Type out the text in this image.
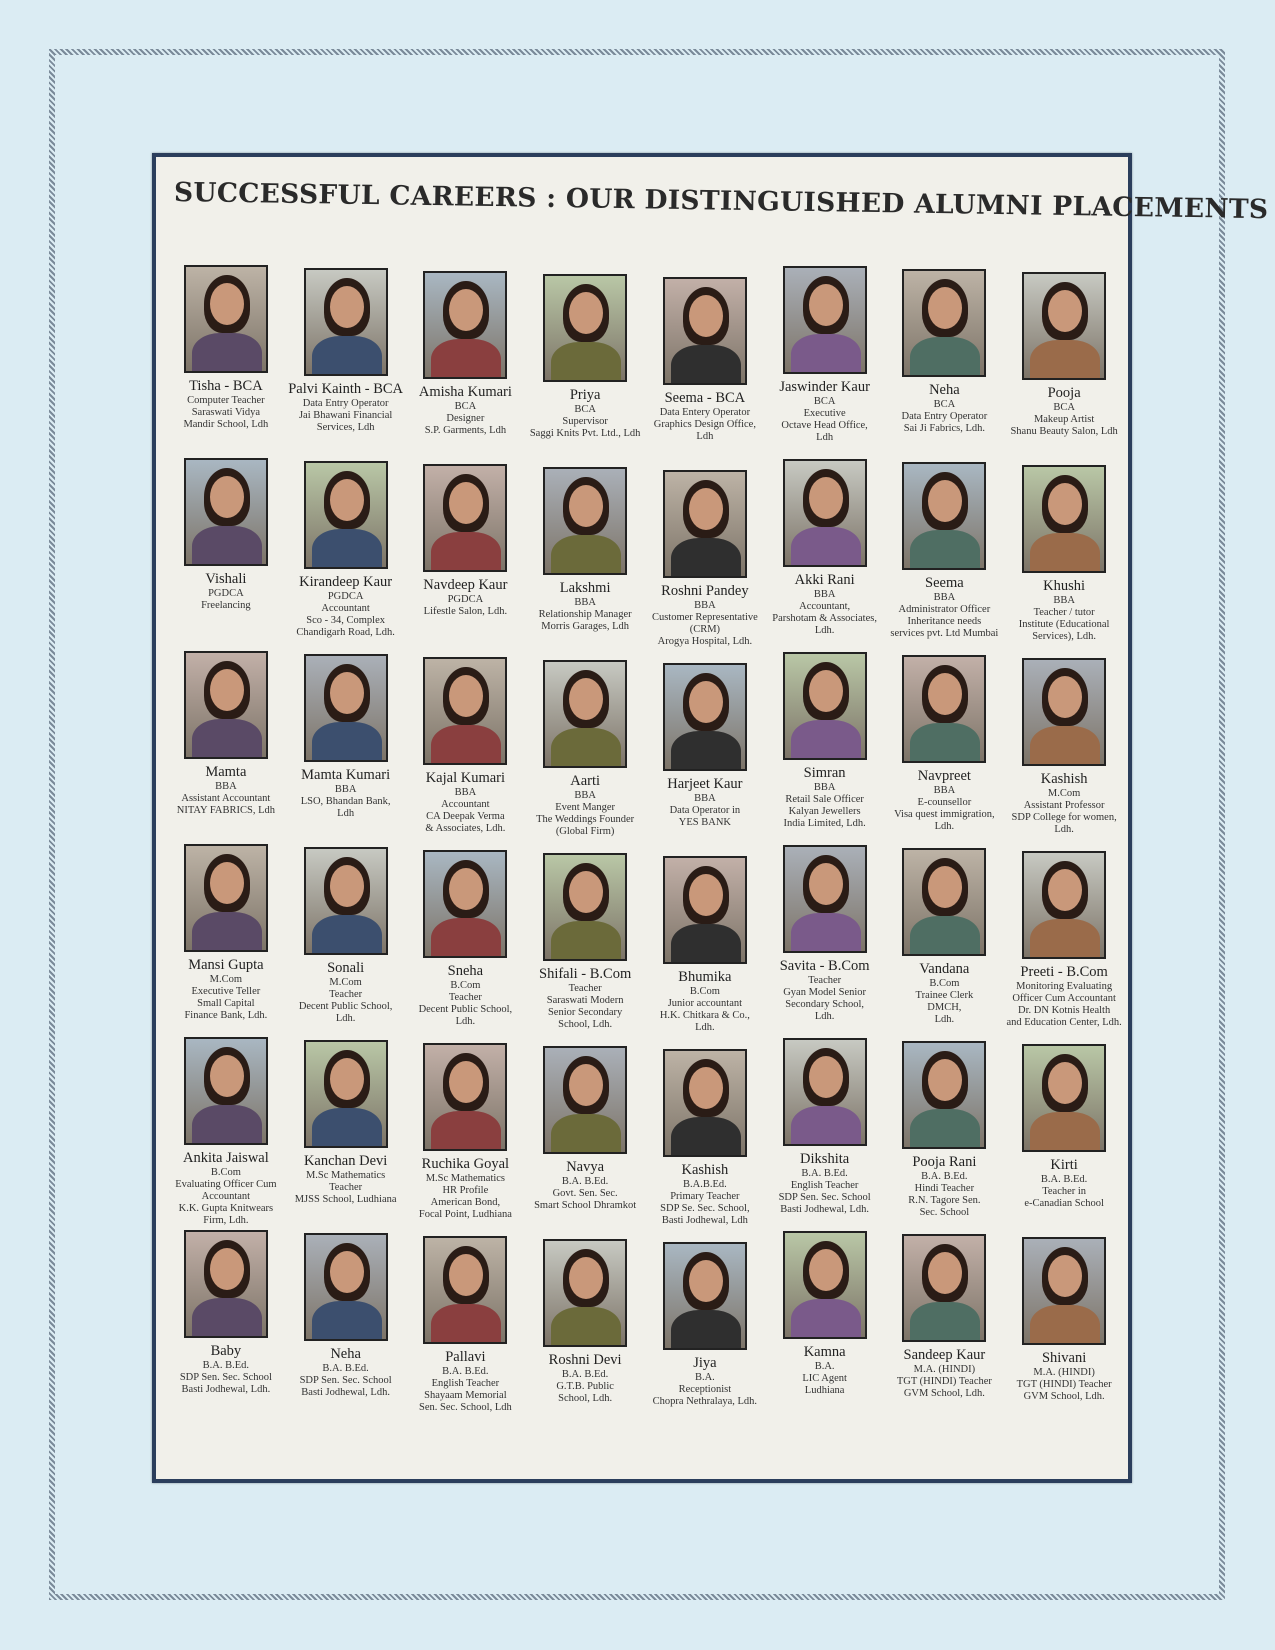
SUCCESSFUL CAREERS : OUR DISTINGUISHED ALUMNI PLACEMENTS
Tisha - BCA
Computer Teacher
Saraswati Vidya
Mandir School, Ldh
Palvi Kainth - BCA
Data Entry Operator
Jai Bhawani Financial
Services, Ldh
Amisha Kumari
BCA
Designer
S.P. Garments, Ldh
Priya
BCA
Supervisor
Saggi Knits Pvt. Ltd., Ldh
Seema - BCA
Data Entery Operator
Graphics Design Office,
Ldh
Jaswinder Kaur
BCA
Executive
Octave Head Office,
Ldh
Neha
BCA
Data Entry Operator
Sai Ji Fabrics, Ldh.
Pooja
BCA
Makeup Artist
Shanu Beauty Salon, Ldh
Vishali
PGDCA
Freelancing
Kirandeep Kaur
PGDCA
Accountant
Sco - 34, Complex
Chandigarh Road, Ldh.
Navdeep Kaur
PGDCA
Lifestle Salon, Ldh.
Lakshmi
BBA
Relationship Manager
Morris Garages, Ldh
Roshni Pandey
BBA
Customer Representative (CRM)
Arogya Hospital, Ldh.
Akki Rani
BBA
Accountant,
Parshotam & Associates,
Ldh.
Seema
BBA
Administrator Officer
Inheritance needs
services pvt. Ltd Mumbai
Khushi
BBA
Teacher / tutor
Institute (Educational
Services), Ldh.
Mamta
BBA
Assistant Accountant
NITAY FABRICS, Ldh
Mamta Kumari
BBA
LSO, Bhandan Bank,
Ldh
Kajal Kumari
BBA
Accountant
CA Deepak Verma
& Associates, Ldh.
Aarti
BBA
Event Manger
The Weddings Founder
(Global Firm)
Harjeet Kaur
BBA
Data Operator in
YES BANK
Simran
BBA
Retail Sale Officer
Kalyan Jewellers
India Limited, Ldh.
Navpreet
BBA
E-counsellor
Visa quest immigration,
Ldh.
Kashish
M.Com
Assistant Professor
SDP College for women,
Ldh.
Mansi Gupta
M.Com
Executive Teller
Small Capital
Finance Bank, Ldh.
Sonali
M.Com
Teacher
Decent Public School,
Ldh.
Sneha
B.Com
Teacher
Decent Public School,
Ldh.
Shifali - B.Com
Teacher
Saraswati Modern
Senior Secondary
School, Ldh.
Bhumika
B.Com
Junior accountant
H.K. Chitkara & Co.,
Ldh.
Savita - B.Com
Teacher
Gyan Model Senior
Secondary School,
Ldh.
Vandana
B.Com
Trainee Clerk
DMCH,
Ldh.
Preeti - B.Com
Monitoring Evaluating
Officer Cum Accountant
Dr. DN Kotnis Health
and Education Center, Ldh.
Ankita Jaiswal
B.Com
Evaluating Officer Cum Accountant
K.K. Gupta Knitwears Firm, Ldh.
Kanchan Devi
M.Sc Mathematics
Teacher
MJSS School, Ludhiana
Ruchika Goyal
M.Sc Mathematics
HR Profile
American Bond,
Focal Point, Ludhiana
Navya
B.A. B.Ed.
Govt. Sen. Sec.
Smart School Dhramkot
Kashish
B.A.B.Ed.
Primary Teacher
SDP Se. Sec. School,
Basti Jodhewal, Ldh
Dikshita
B.A. B.Ed.
English Teacher
SDP Sen. Sec. School
Basti Jodhewal, Ldh.
Pooja Rani
B.A. B.Ed.
Hindi Teacher
R.N. Tagore Sen.
Sec. School
Kirti
B.A. B.Ed.
Teacher in
e-Canadian School
Baby
B.A. B.Ed.
SDP Sen. Sec. School
Basti Jodhewal, Ldh.
Neha
B.A. B.Ed.
SDP Sen. Sec. School
Basti Jodhewal, Ldh.
Pallavi
B.A. B.Ed.
English Teacher
Shayaam Memorial
Sen. Sec. School, Ldh
Roshni Devi
B.A. B.Ed.
G.T.B. Public
School, Ldh.
Jiya
B.A.
Receptionist
Chopra Nethralaya, Ldh.
Kamna
B.A.
LIC Agent
Ludhiana
Sandeep Kaur
M.A. (HINDI)
TGT (HINDI) Teacher
GVM School, Ldh.
Shivani
M.A. (HINDI)
TGT (HINDI) Teacher
GVM School, Ldh.
